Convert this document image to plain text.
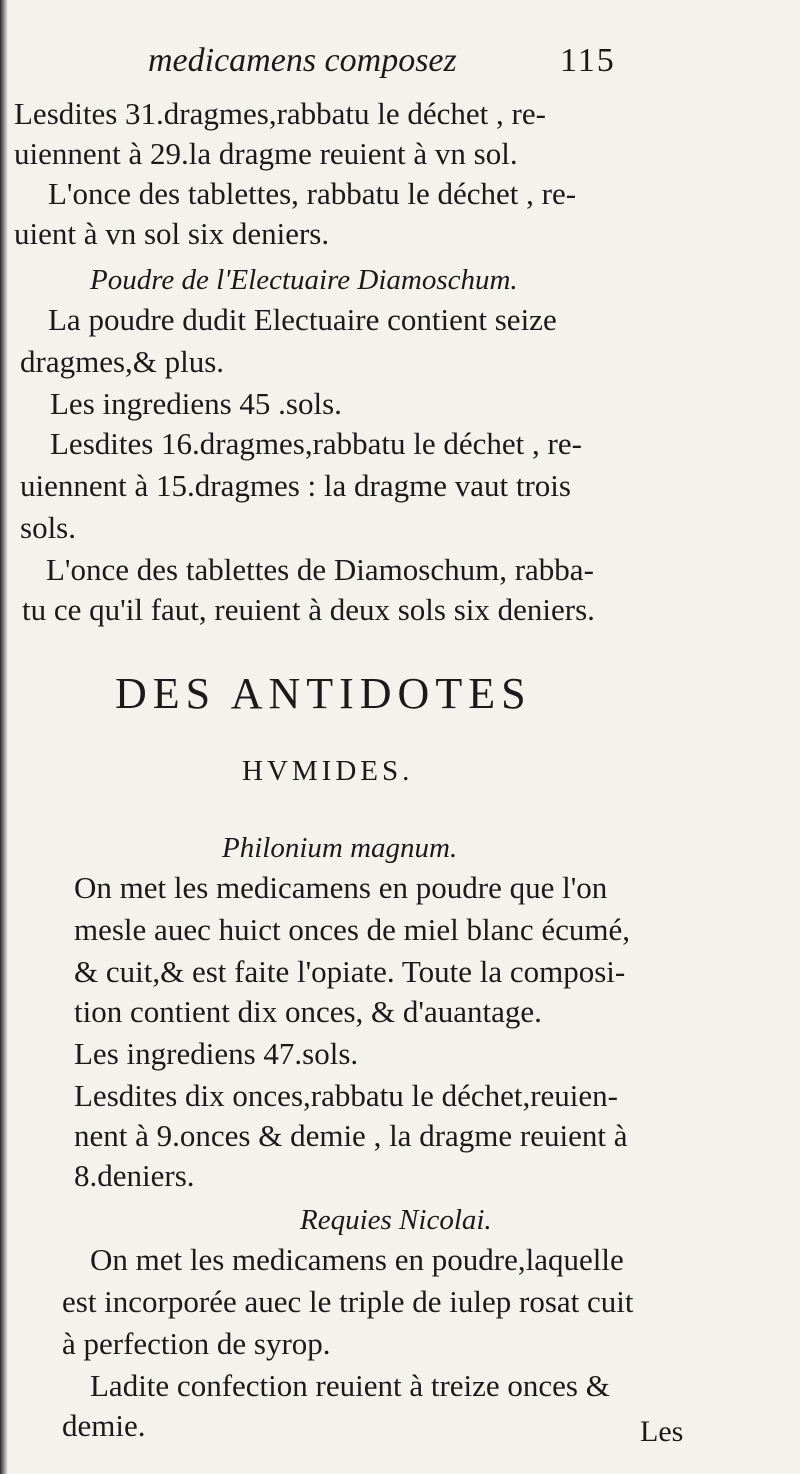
medicamens composez	115
Lesdites 31.dragmes,rabbatu le déchet , re-
uiennent à 29.la dragme reuient à vn sol.
L'once des tablettes, rabbatu le déchet , re-
uient à vn sol six deniers.
Poudre de l'Electuaire Diamoschum.
La poudre dudit Electuaire contient seize
dragmes,& plus.
Les ingrediens 45 .sols.
Lesdites 16.dragmes,rabbatu le déchet , re-
uiennent à 15.dragmes : la dragme vaut trois
sols.
L'once des tablettes de Diamoschum, rabba-
tu ce qu'il faut, reuient à deux sols six deniers.
DES ANTIDOTES
HVMIDES.
Philonium magnum.
On met les medicamens en poudre que l'on
mesle auec huict onces de miel blanc écumé,
& cuit,& est faite l'opiate. Toute la composi-
tion contient dix onces, & d'auantage.
Les ingrediens 47.sols.
Lesdites dix onces,rabbatu le déchet,reuien-
nent à 9.onces & demie , la dragme reuient à
8.deniers.
Requies Nicolai.
On met les medicamens en poudre,laquelle
est incorporée auec le triple de iulep rosat cuit
à perfection de syrop.
Ladite confection reuient à treize onces &
demie.	Les
